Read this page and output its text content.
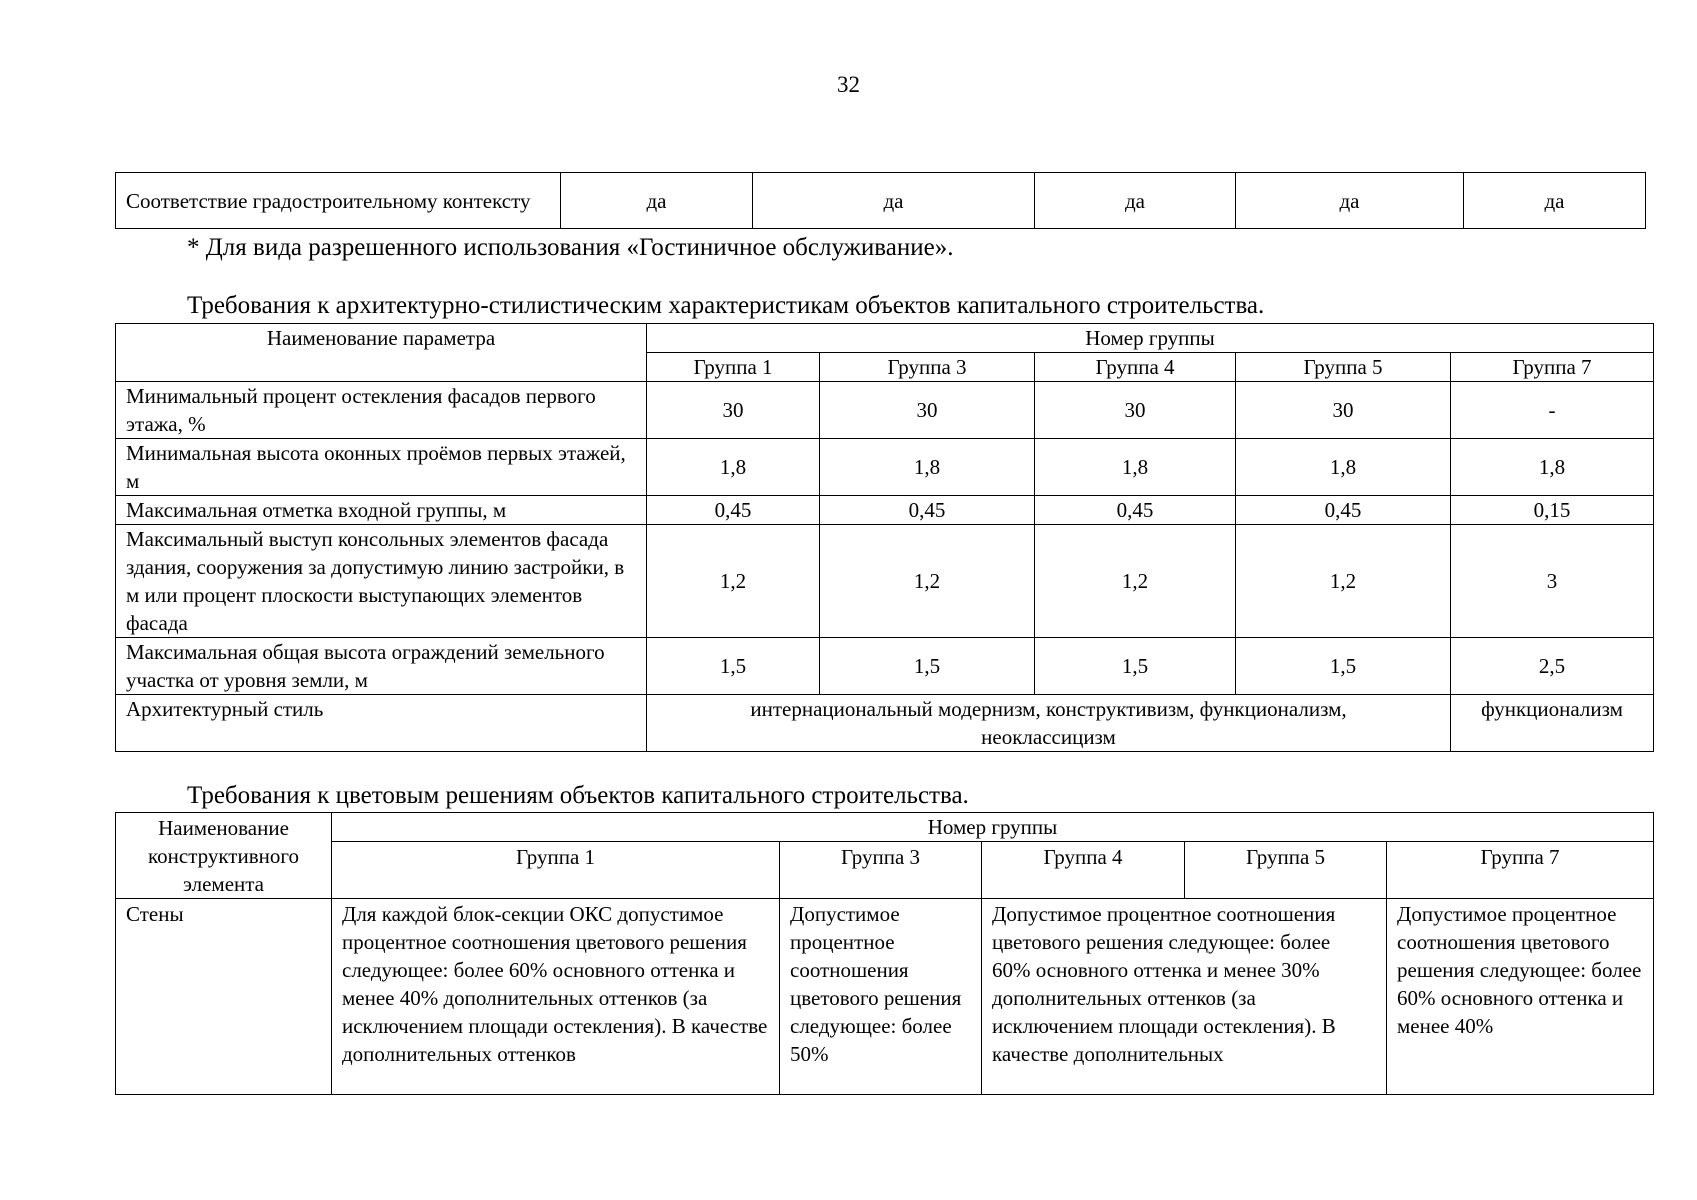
32
Соответствие градостроительному контексту	да	да	да	да	да
* Для вида разрешенного использования «Гостиничное обслуживание».
Требования к архитектурно-стилистическим характеристикам объектов капитального строительства.
Наименование параметра	Номер группы				
	Группа 1	Группа 3	Группа 4	Группа 5	Группа 7
Минимальный процент остекления фасадов первого этажа, %	30	30	30	30	-
Минимальная высота оконных проёмов первых этажей, м	1,8	1,8	1,8	1,8	1,8
Максимальная отметка входной группы, м	0,45	0,45	0,45	0,45	0,15
Максимальный выступ консольных элементов фасада здания, сооружения за допустимую линию застройки, в м или процент плоскости выступающих элементов фасада	1,2	1,2	1,2	1,2	3
Максимальная общая высота ограждений земельного участка от уровня земли, м	1,5	1,5	1,5	1,5	2,5
Архитектурный стиль	интернациональный модернизм, конструктивизм, функционализм, неоклассицизм				функционализм
Требования к цветовым решениям объектов капитального строительства.
Наименование конструктивного элемента	Номер группы				
	Группа 1	Группа 3	Группа 4	Группа 5	Группа 7
Стены	Для каждой блок-секции ОКС допустимое процентное соотношения цветового решения следующее: более 60% основного оттенка и менее 40% дополнительных оттенков (за исключением площади остекления). В качестве дополнительных оттенков	Допустимое процентное соотношения цветового решения следующее: более 50%	Допустимое процентное соотношения цветового решения следующее: более 60% основного оттенка и менее 30% дополнительных оттенков (за исключением площади остекления). В качестве дополнительных		Допустимое процентное соотношения цветового решения следующее: более 60% основного оттенка и менее 40%
